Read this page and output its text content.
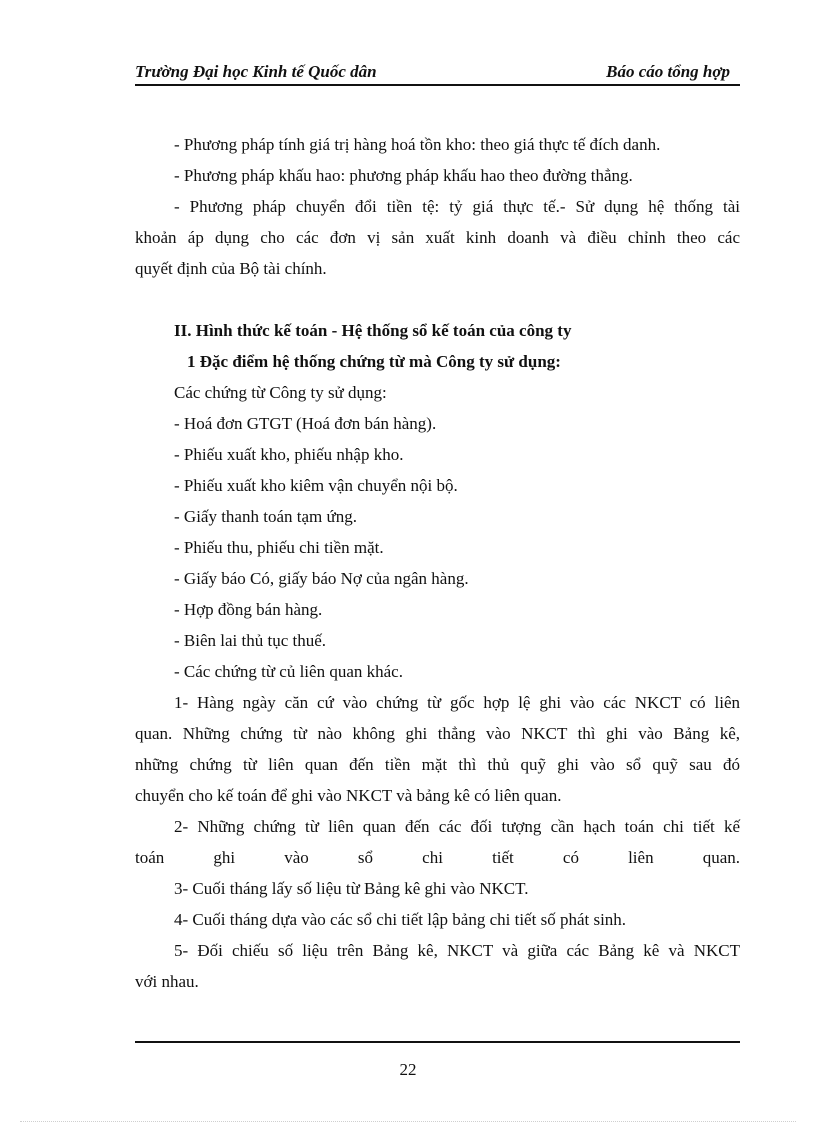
Trường Đại học Kinh tế Quốc dân	Báo cáo tổng hợp
- Phương pháp tính giá trị hàng hoá tồn kho: theo giá thực tế đích danh.
- Phương pháp khấu hao: phương pháp khấu hao theo đường thẳng.
- Phương pháp chuyển đổi tiền tệ: tỷ giá thực tế.- Sử dụng hệ thống tài
khoản áp dụng cho các đơn vị sản xuất kinh doanh và điều chỉnh theo các
quyết định của Bộ tài chính.
II. Hình thức kế toán - Hệ thống sổ kế toán của công ty
1 Đặc điểm hệ thống chứng từ mà Công ty sử dụng:
Các chứng từ Công ty sử dụng:
- Hoá đơn GTGT (Hoá đơn bán hàng).
- Phiếu xuất kho, phiếu nhập kho.
- Phiếu xuất kho kiêm vận chuyển nội bộ.
- Giấy thanh toán tạm ứng.
- Phiếu thu, phiếu chi tiền mặt.
- Giấy báo Có, giấy báo Nợ của ngân hàng.
- Hợp đồng bán hàng.
- Biên lai thủ tục thuế.
- Các chứng từ củ liên quan khác.
1- Hàng ngày căn cứ vào chứng từ gốc hợp lệ ghi vào các NKCT có liên
quan. Những chứng từ nào không ghi thẳng vào NKCT thì ghi vào Bảng kê,
những chứng từ liên quan đến tiền mặt thì thủ quỹ ghi vào sổ quỹ sau đó
chuyển cho kế toán để ghi vào NKCT và bảng kê có liên quan.
2- Những chứng từ liên quan đến các đối tượng cần hạch toán chi tiết kế
toán ghi vào sổ chi tiết có liên quan.
3- Cuối tháng lấy số liệu từ Bảng kê ghi vào NKCT.
4- Cuối tháng dựa vào các sổ chi tiết lập bảng chi tiết số phát sinh.
5- Đối chiếu số liệu trên Bảng kê, NKCT và giữa các Bảng kê và NKCT
với nhau.
22
